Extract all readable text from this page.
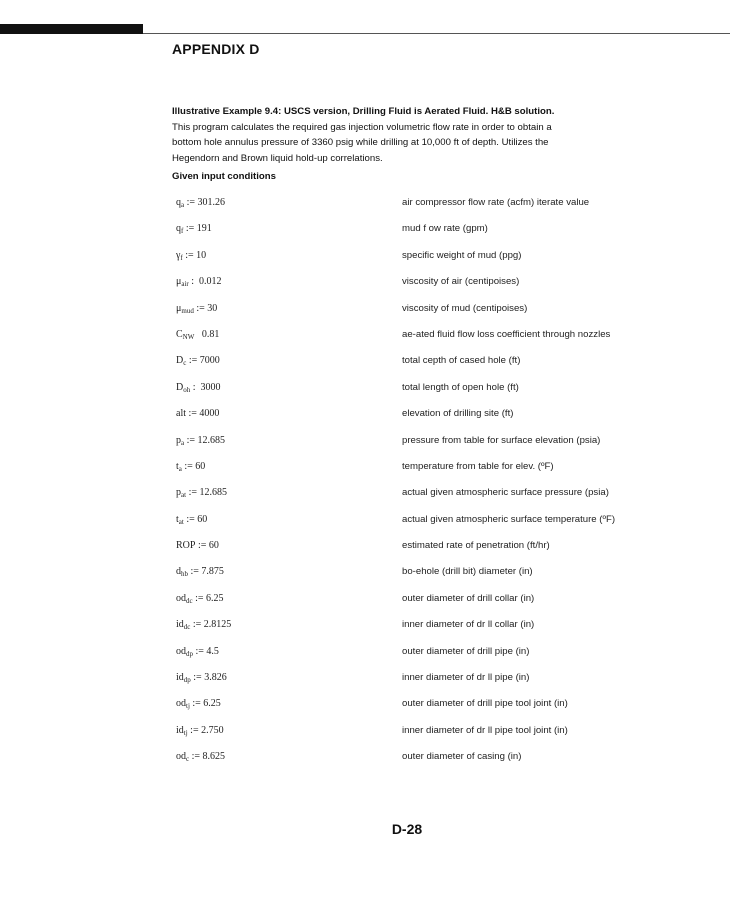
APPENDIX D
Illustrative Example 9.4: USCS version, Drilling Fluid is Aerated Fluid. H&B solution.
This program calculates the required gas injection volumetric flow rate in order to obtain a
bottom hole annulus pressure of 3360 psig while drilling at 10,000 ft of depth. Utilizes the
Hegendorn and Brown liquid hold-up correlations.
Given input conditions
$q_a$ := 301.26	air compressor flow rate (acfm) iterate value
$q_f$ := 191	mud f ow rate (gpm)
$\gamma_f$ := 10	specific weight of mud (ppg)
$\mu_{air}$ :  0.012	viscosity of air (centipoises)
$\mu_{mud}$ := 30	viscosity of mud (centipoises)
$C_{NW}$   0.81	ae‑ated fluid flow loss coefficient through nozzles
$D_c$ := 7000	total cepth of cased hole (ft)
$D_{oh}$ :  3000	total length of open hole (ft)
alt := 4000	elevation of drilling site (ft)
$p_a$ := 12.685	pressure from table for surface elevation (psia)
$t_a$ := 60	temperature from table for elev. (ºF)
$p_{at}$ := 12.685	actual given atmospheric surface pressure (psia)
$t_{at}$ := 60	actual given atmospheric surface temperature (ºF)
ROP := 60	estimated rate of penetration (ft/hr)
$d_{hb}$ := 7.875	bo‑ehole (drill bit) diameter (in)
$od_{dc}$ := 6.25	outer diameter of drill collar (in)
$id_{dc}$ := 2.8125	inner diameter of dr ll collar (in)
$od_{dp}$ := 4.5	outer diameter of drill pipe (in)
$id_{dp}$ := 3.826	inner diameter of dr ll pipe (in)
$od_{tj}$ := 6.25	outer diameter of drill pipe tool joint (in)
$id_{tj}$ := 2.750	inner diameter of dr ll pipe tool joint (in)
$od_c$ := 8.625	outer diameter of casing (in)
D-28
